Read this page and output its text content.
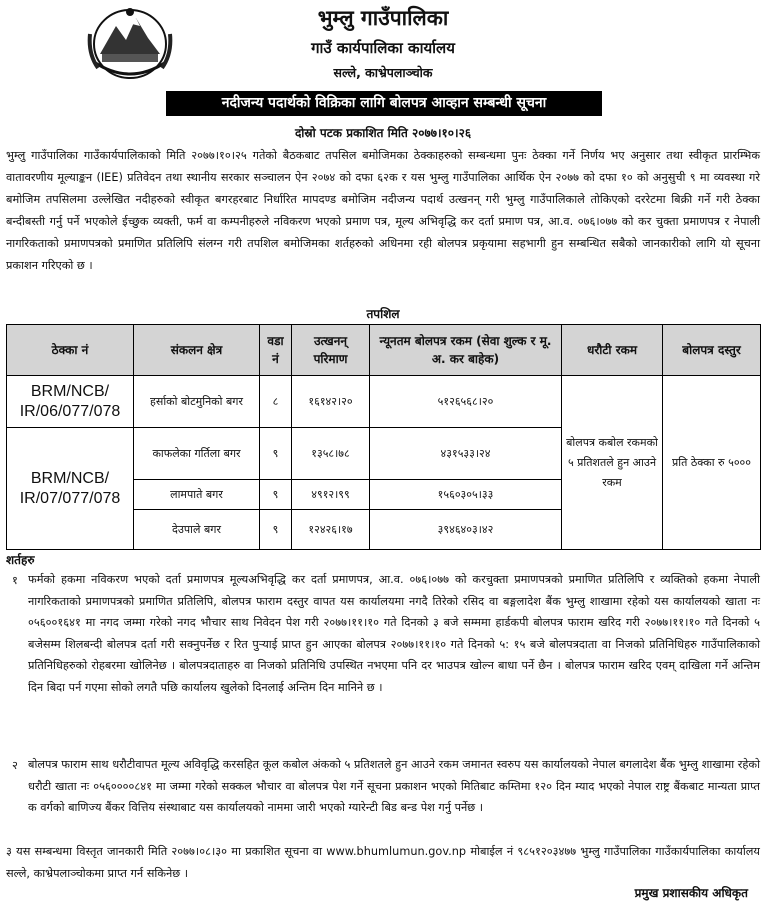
भुम्लु गाउँपालिका
गाउँ कार्यपालिका कार्यालय
सल्ले, काभ्रेपलाञ्चोक
नदीजन्य पदार्थको विक्रिका लागि बोलपत्र आव्हान सम्बन्धी सूचना
दोस्रो पटक प्रकाशित मिति २०७७।१०।२६
भुम्लु गाउँपालिका गाउँकार्यपालिकाको मिति २०७७।१०।२५ गतेको बैठकबाट तपसिल बमोजिमका ठेक्काहरुको सम्बन्धमा पुनः ठेक्का गर्ने निर्णय भए अनुसार तथा स्वीकृत प्रारम्भिक वातावरणीय मूल्याङ्कन (IEE) प्रतिवेदन तथा स्थानीय सरकार सञ्चालन ऐन २०७४ को दफा ६२क र यस भुम्लु गाउँपालिका आर्थिक ऐन २०७७ को दफा १० को अनुसुची ९ मा व्यवस्था गरे बमोजिम तपसिलमा उल्लेखित नदीहरुको स्वीकृत बगरहरबाट निर्धारित मापदण्ड बमोजिम नदीजन्य पदार्थ उत्खनन् गरी भुम्लु गाउँपालिकाले तोकिएको दररेटमा बिक्री गर्ने गरी ठेक्का बन्दीबस्ती गर्नु पर्ने भएकोले ईच्छुक व्यक्ती, फर्म वा कम्पनीहरुले नविकरण भएको प्रमाण पत्र, मूल्य अभिवृद्धि कर दर्ता प्रमाण पत्र, आ.व. ०७६।०७७ को कर चुक्ता प्रमाणपत्र र नेपाली नागरिकताको प्रमाणपत्रको प्रमाणित प्रतिलिपि संलग्न गरी तपशिल बमोजिमका शर्तहरुको अधिनमा रही बोलपत्र प्रकृयामा सहभागी हुन सम्बन्धित सबैको जानकारीको लागि यो सूचना प्रकाशन गरिएको छ ।
तपशिल
ठेक्का नं	संकलन क्षेत्र	वडा नं	उत्खनन् परिमाण	न्यूनतम बोलपत्र रकम (सेवा शुल्क र मू. अ. कर बाहेक)	धरौटी रकम	बोलपत्र दस्तुर
BRM/NCB/ IR/06/077/078	हर्साको बोटमुनिको बगर	८	१६१४२।२०	५१२६५६८।२०	बोलपत्र कबोल रकमको ५ प्रतिशतले हुन आउने रकम	प्रति ठेक्का रु ५०००
BRM/NCB/ IR/07/077/078	काफलेका गर्तिला बगर	९	१३५८।७८	४३१५३३।२४		
	लामपाते बगर	९	४९१२।९९	१५६०३०५।३३		
	देउपाले बगर	९	१२४२६।१७	३९४६४०३।४२		
शर्तहरु
१ फर्मको हकमा नविकरण भएको दर्ता प्रमाणपत्र मूल्यअभिवृद्धि कर दर्ता प्रमाणपत्र, आ.व. ०७६।०७७ को करचुक्ता प्रमाणपत्रको प्रमाणित प्रतिलिपि र व्यक्तिको हकमा नेपाली नागरिकताको प्रमाणपत्रको प्रमाणित प्रतिलिपि, बोलपत्र फाराम दस्तुर वापत यस कार्यालयमा नगदै तिरेको रसिद वा बङ्गलादेश बैंक भुम्लु शाखामा रहेको यस कार्यालयको खाता नः ०५६००१६४१ मा नगद जम्मा गरेको नगद भौचार साथ निवेदन पेश गरी २०७७।११।१० गते दिनको ३ बजे सम्ममा हार्डकपी बोलपत्र फाराम खरिद गरी २०७७।११।१० गते दिनको ५ बजेसम्म शिलबन्दी बोलपत्र दर्ता गरी सक्नुपर्नेछ र रित पुऱ्याई प्राप्त हुन आएका बोलपत्र २०७७।११।१० गते दिनको ५: १५ बजे बोलपत्रदाता वा निजको प्रतिनिधिहरु गाउँपालिकाको प्रतिनिधिहरुको रोहबरमा खोलिनेछ । बोलपत्रदाताहरु वा निजको प्रतिनिधि उपस्थित नभएमा पनि दर भाउपत्र खोल्न बाधा पर्ने छैन । बोलपत्र फाराम खरिद एवम् दाखिला गर्ने अन्तिम दिन बिदा पर्न गएमा सोको लगतै पछि कार्यालय खुलेको दिनलाई अन्तिम दिन मानिने छ ।
२ बोलपत्र फाराम साथ धरौटीवापत मूल्य अविवृद्धि करसहित कूल कबोल अंकको ५ प्रतिशतले हुन आउने रकम जमानत स्वरुप यस कार्यालयको नेपाल बगलादेश बैंक भुम्लु शाखामा रहेको धरौटी खाता नः ०५६००००८४१ मा जम्मा गरेको सक्कल भौचार वा बोलपत्र पेश गर्ने सूचना प्रकाशन भएको मितिबाट कम्तिमा १२० दिन म्याद भएको नेपाल राष्ट्र बैंकबाट मान्यता प्राप्त क वर्गको बाणिज्य बैंकर वित्तिय संस्थाबाट यस कार्यालयको नाममा जारी भएको ग्यारेन्टी बिड बन्ड पेश गर्नु पर्नेछ ।
३ यस सम्बन्धमा विस्तृत जानकारी मिति २०७७।०८।३० मा प्रकाशित सूचना वा www.bhumlumun.gov.np मोबाईल नं ९८५१२०३४७७ भुम्लु गाउँपालिका गाउँकार्यपालिका कार्यालय सल्ले, काभ्रेपलाञ्चोकमा प्राप्त गर्न सकिनेछ ।
प्रमुख प्रशासकीय अधिकृत
